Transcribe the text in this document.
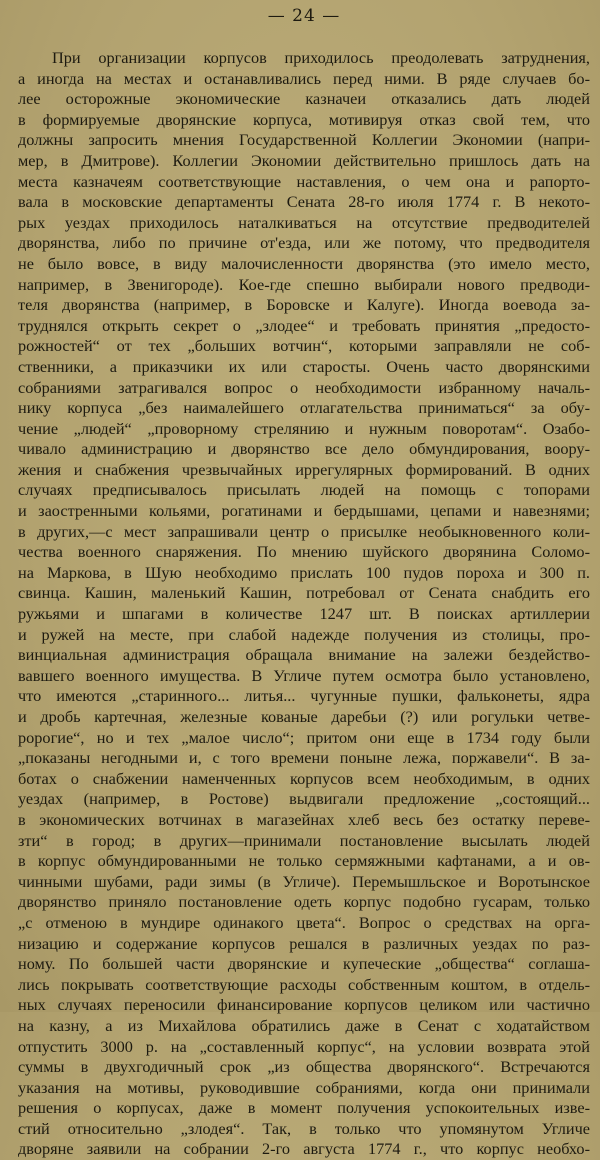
— 24 —
При организации корпусов приходилось преодолевать затруднения,
а иногда на местах и останавливались перед ними. В ряде случаев бо-
лее осторожные экономические казначеи отказались дать людей
в формируемые дворянские корпуса, мотивируя отказ свой тем, что
должны запросить мнения Государственной Коллегии Экономии (напри-
мер, в Дмитрове). Коллегии Экономии действительно пришлось дать на
места казначеям соответствующие наставления, о чем она и рапорто-
вала в московские департаменты Сената 28-го июля 1774 г. В некото-
рых уездах приходилось наталкиваться на отсутствие предводителей
дворянства, либо по причине от'езда, или же потому, что предводителя
не было вовсе, в виду малочисленности дворянства (это имело место,
например, в Звенигороде). Кое-где спешно выбирали нового предводи-
теля дворянства (например, в Боровске и Калуге). Иногда воевода за-
труднялся открыть секрет о „злодее“ и требовать принятия „предосто-
рожностей“ от тех „больших вотчин“, которыми заправляли не соб-
ственники, а приказчики их или старосты. Очень часто дворянскими
собраниями затрагивался вопрос о необходимости избранному началь-
нику корпуса „без наималейшего отлагательства приниматься“ за обу-
чение „людей“ „проворному стрелянию и нужным поворотам“. Озабо-
чивало администрацию и дворянство все дело обмундирования, вooру-
жения и снабжения чрезвычайных иррегулярных формирований. В одних
случаях предписывалось присылать людей на помощь с топорами
и заостренными кольями, рогатинами и бердышами, цепами и навезнями;
в других,—с мест запрашивали центр о присылке необыкновенного коли-
чества военного снаряжения. По мнению шуйского дворянина Соломо-
на Маркова, в Шую необходимо прислать 100 пудов пороха и 300 п.
свинца. Кашин, маленький Кашин, потребовал от Сената снабдить его
ружьями и шпагами в количестве 1247 шт. В поисках артиллерии
и ружей на месте, при слабой надежде получения из столицы, про-
винциальная администрация обращала внимание на залежи бездейство-
вавшего военного имущества. В Угличе путем осмотра было установлено,
что имеются „старинного... литья... чугунные пушки, фальконеты, ядра
и дробь картечная, железные кованые даребьи (?) или рогульки четве-
ророгие“, но и тех „малое число“; притом они еще в 1734 году были
„показаны негодными и, с того времени поныне лежа, поржавели“. В за-
ботах о снабжении наменченных корпусов всем необходимым, в одних
уездах (например, в Ростове) выдвигали предложение „состоящий...
в экономических вотчинах в магазейнах хлеб весь без остатку переве-
зти“ в город; в других—принимали постановление высылать людей
в корпус обмундированными не только сермяжными кафтанами, а и ов-
чинными шубами, ради зимы (в Угличе). Перемышльское и Воротынское
дворянство приняло постановление одеть корпус подобно гусарам, только
„с отменою в мундире одинакого цвета“. Вопрос о средствах на орга-
низацию и содержание корпусов решался в различных уездах по раз-
ному. По большей части дворянские и купеческие „общества“ соглаша-
лись покрывать соответствующие расходы собственным коштом, в отдель-
ных случаях переносили финансирование корпусов целиком или частично
на казну, а из Михайлова обратились даже в Сенат с ходатайством
отпустить 3000 р. на „составленный корпус“, на условии возврата этой
суммы в двухгодичный срок „из общества дворянского“. Встречаются
указания на мотивы, руководившие собраниями, когда они принимали
решения о корпусах, даже в момент получения успокоительных изве-
стий относительно „злодея“. Так, в только что упомянутом Угличе
дворяне заявили на собрании 2-го августа 1774 г., что корпус необхо-
